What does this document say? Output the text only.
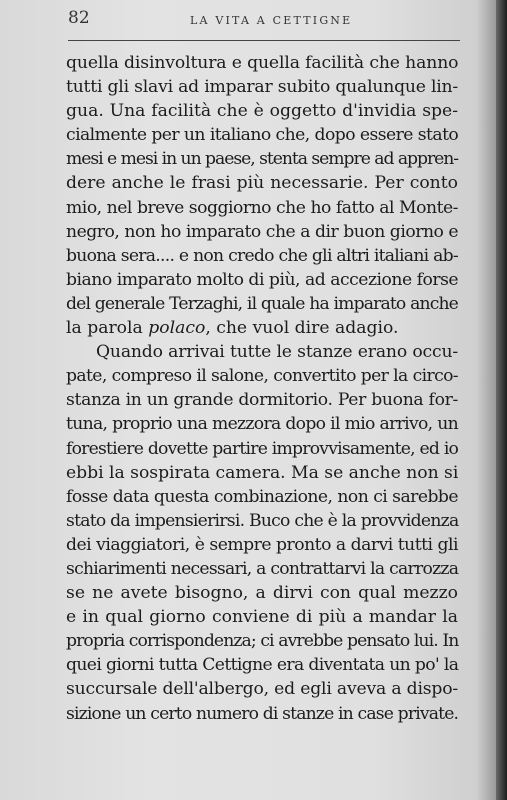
82	LA VITA A CETTIGNE
quella disinvoltura e quella facilità che hanno
tutti gli slavi ad imparar subito qualunque lin-
gua. Una facilità che è oggetto d'invidia spe-
cialmente per un italiano che, dopo essere stato
mesi e mesi in un paese, stenta sempre ad appren-
dere anche le frasi più necessarie. Per conto
mio, nel breve soggiorno che ho fatto al Monte-
negro, non ho imparato che a dir buon giorno e
buona sera.... e non credo che gli altri italiani ab-
biano imparato molto di più, ad accezione forse
del generale Terzaghi, il quale ha imparato anche
la parola polaco, che vuol dire adagio.
Quando arrivai tutte le stanze erano occu-
pate, compreso il salone, convertito per la circo-
stanza in un grande dormitorio. Per buona for-
tuna, proprio una mezzora dopo il mio arrivo, un
forestiere dovette partire improvvisamente, ed io
ebbi la sospirata camera. Ma se anche non si
fosse data questa combinazione, non ci sarebbe
stato da impensierirsi. Buco che è la provvidenza
dei viaggiatori, è sempre pronto a darvi tutti gli
schiarimenti necessari, a contrattarvi la carrozza
se ne avete bisogno, a dirvi con qual mezzo
e in qual giorno conviene di più a mandar la
propria corrispondenza; ci avrebbe pensato lui. In
quei giorni tutta Cettigne era diventata un po' la
succursale dell'albergo, ed egli aveva a dispo-
sizione un certo numero di stanze in case private.
